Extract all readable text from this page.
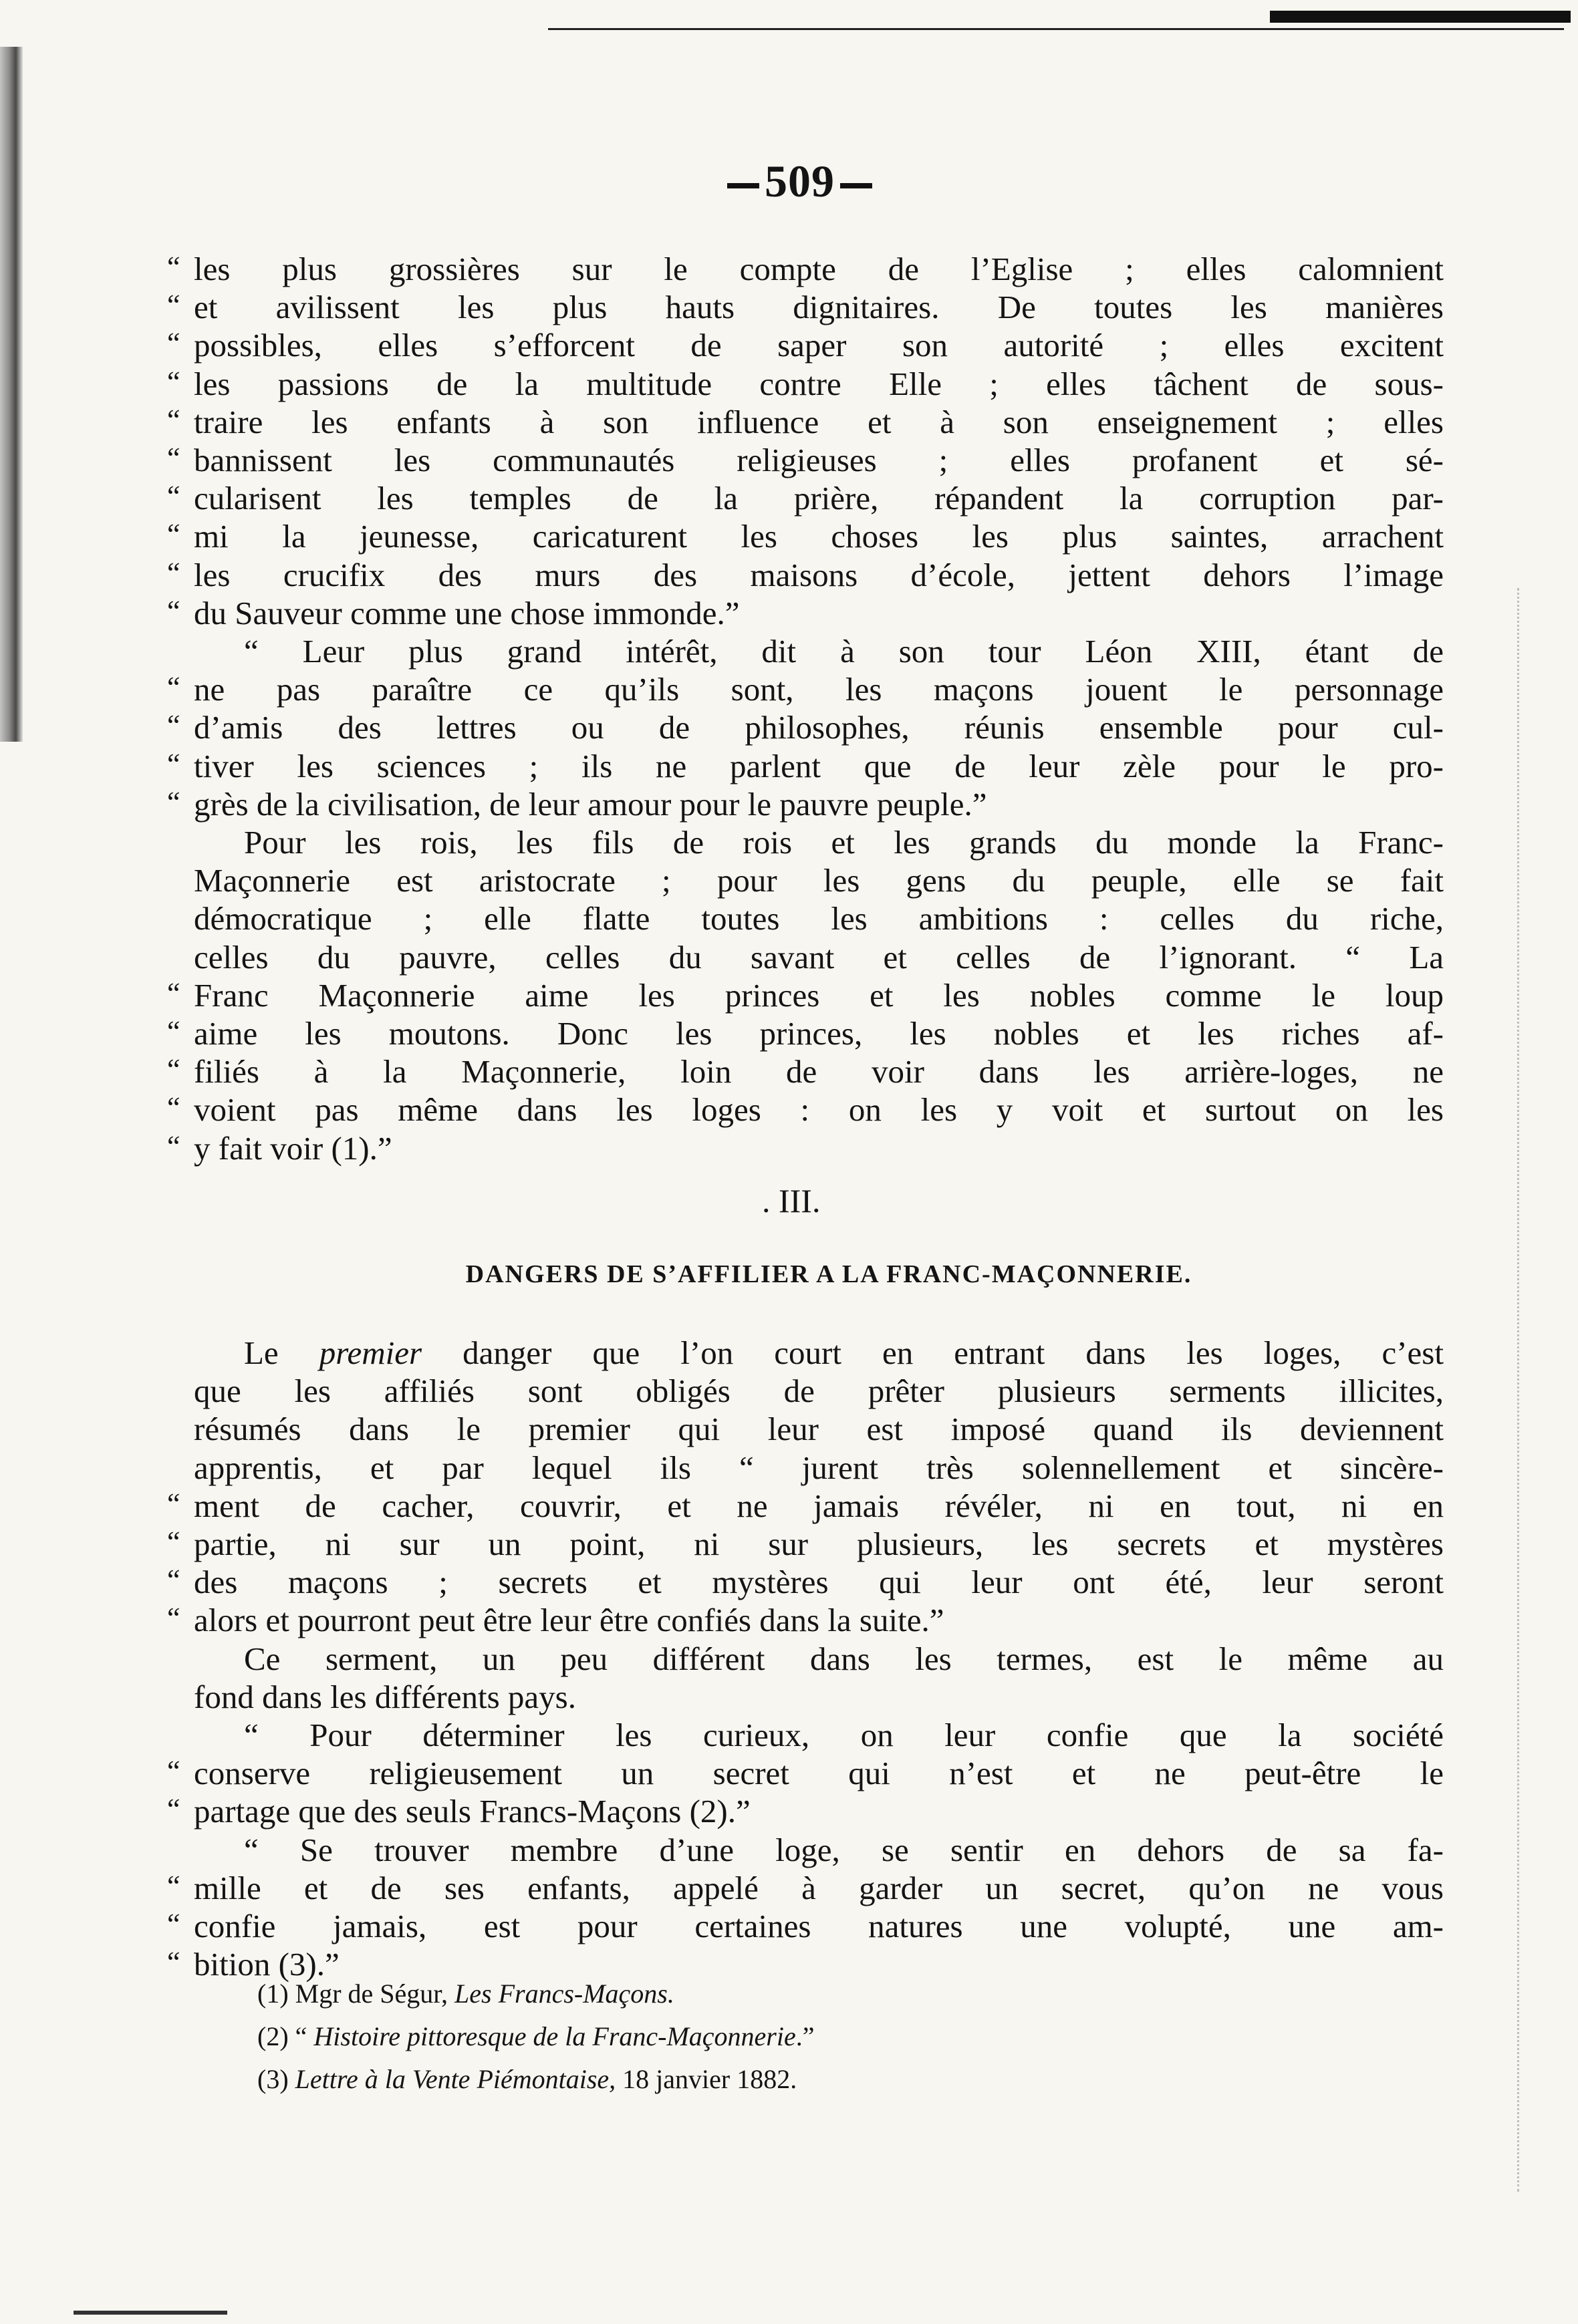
509
“ les plus grossières sur le compte de l’Eglise ; elles calomnient
“ et avilissent les plus hauts dignitaires. De toutes les manières
“ possibles, elles s’efforcent de saper son autorité ; elles excitent
“ les passions de la multitude contre Elle ; elles tâchent de sous-
“ traire les enfants à son influence et à son enseignement ; elles
“ bannissent les communautés religieuses ; elles profanent et sé-
“ cularisent les temples de la prière, répandent la corruption par-
“ mi la jeunesse, caricaturent les choses les plus saintes, arrachent
“ les crucifix des murs des maisons d’école, jettent dehors l’image
“ du Sauveur comme une chose immonde.”
“ Leur plus grand intérêt, dit à son tour Léon XIII, étant de
“ ne pas paraître ce qu’ils sont, les maçons jouent le personnage
“ d’amis des lettres ou de philosophes, réunis ensemble pour cul-
“ tiver les sciences ; ils ne parlent que de leur zèle pour le pro-
“ grès de la civilisation, de leur amour pour le pauvre peuple.”
Pour les rois, les fils de rois et les grands du monde la Franc-
Maçonnerie est aristocrate ; pour les gens du peuple, elle se fait
démocratique ; elle flatte toutes les ambitions : celles du riche,
celles du pauvre, celles du savant et celles de l’ignorant. “ La
“ Franc Maçonnerie aime les princes et les nobles comme le loup
“ aime les moutons. Donc les princes, les nobles et les riches af-
“ filiés à la Maçonnerie, loin de voir dans les arrière-loges, ne
“ voient pas même dans les loges : on les y voit et surtout on les
“ y fait voir (1).”
. III.
DANGERS DE S’AFFILIER A LA FRANC-MAÇONNERIE.
Le premier danger que l’on court en entrant dans les loges, c’est
que les affiliés sont obligés de prêter plusieurs serments illicites,
résumés dans le premier qui leur est imposé quand ils deviennent
apprentis, et par lequel ils “ jurent très solennellement et sincère-
“ ment de cacher, couvrir, et ne jamais révéler, ni en tout, ni en
“ partie, ni sur un point, ni sur plusieurs, les secrets et mystères
“ des maçons ; secrets et mystères qui leur ont été, leur seront
“ alors et pourront peut être leur être confiés dans la suite.”
Ce serment, un peu différent dans les termes, est le même au
fond dans les différents pays.
“ Pour déterminer les curieux, on leur confie que la société
“ conserve religieusement un secret qui n’est et ne peut-être le
“ partage que des seuls Francs-Maçons (2).”
“ Se trouver membre d’une loge, se sentir en dehors de sa fa-
“ mille et de ses enfants, appelé à garder un secret, qu’on ne vous
“ confie jamais, est pour certaines natures une volupté, une am-
“ bition (3).”
(1) Mgr de Ségur, Les Francs-Maçons.
(2) “ Histoire pittoresque de la Franc-Maçonnerie.”
(3) Lettre à la Vente Piémontaise, 18 janvier 1882.
